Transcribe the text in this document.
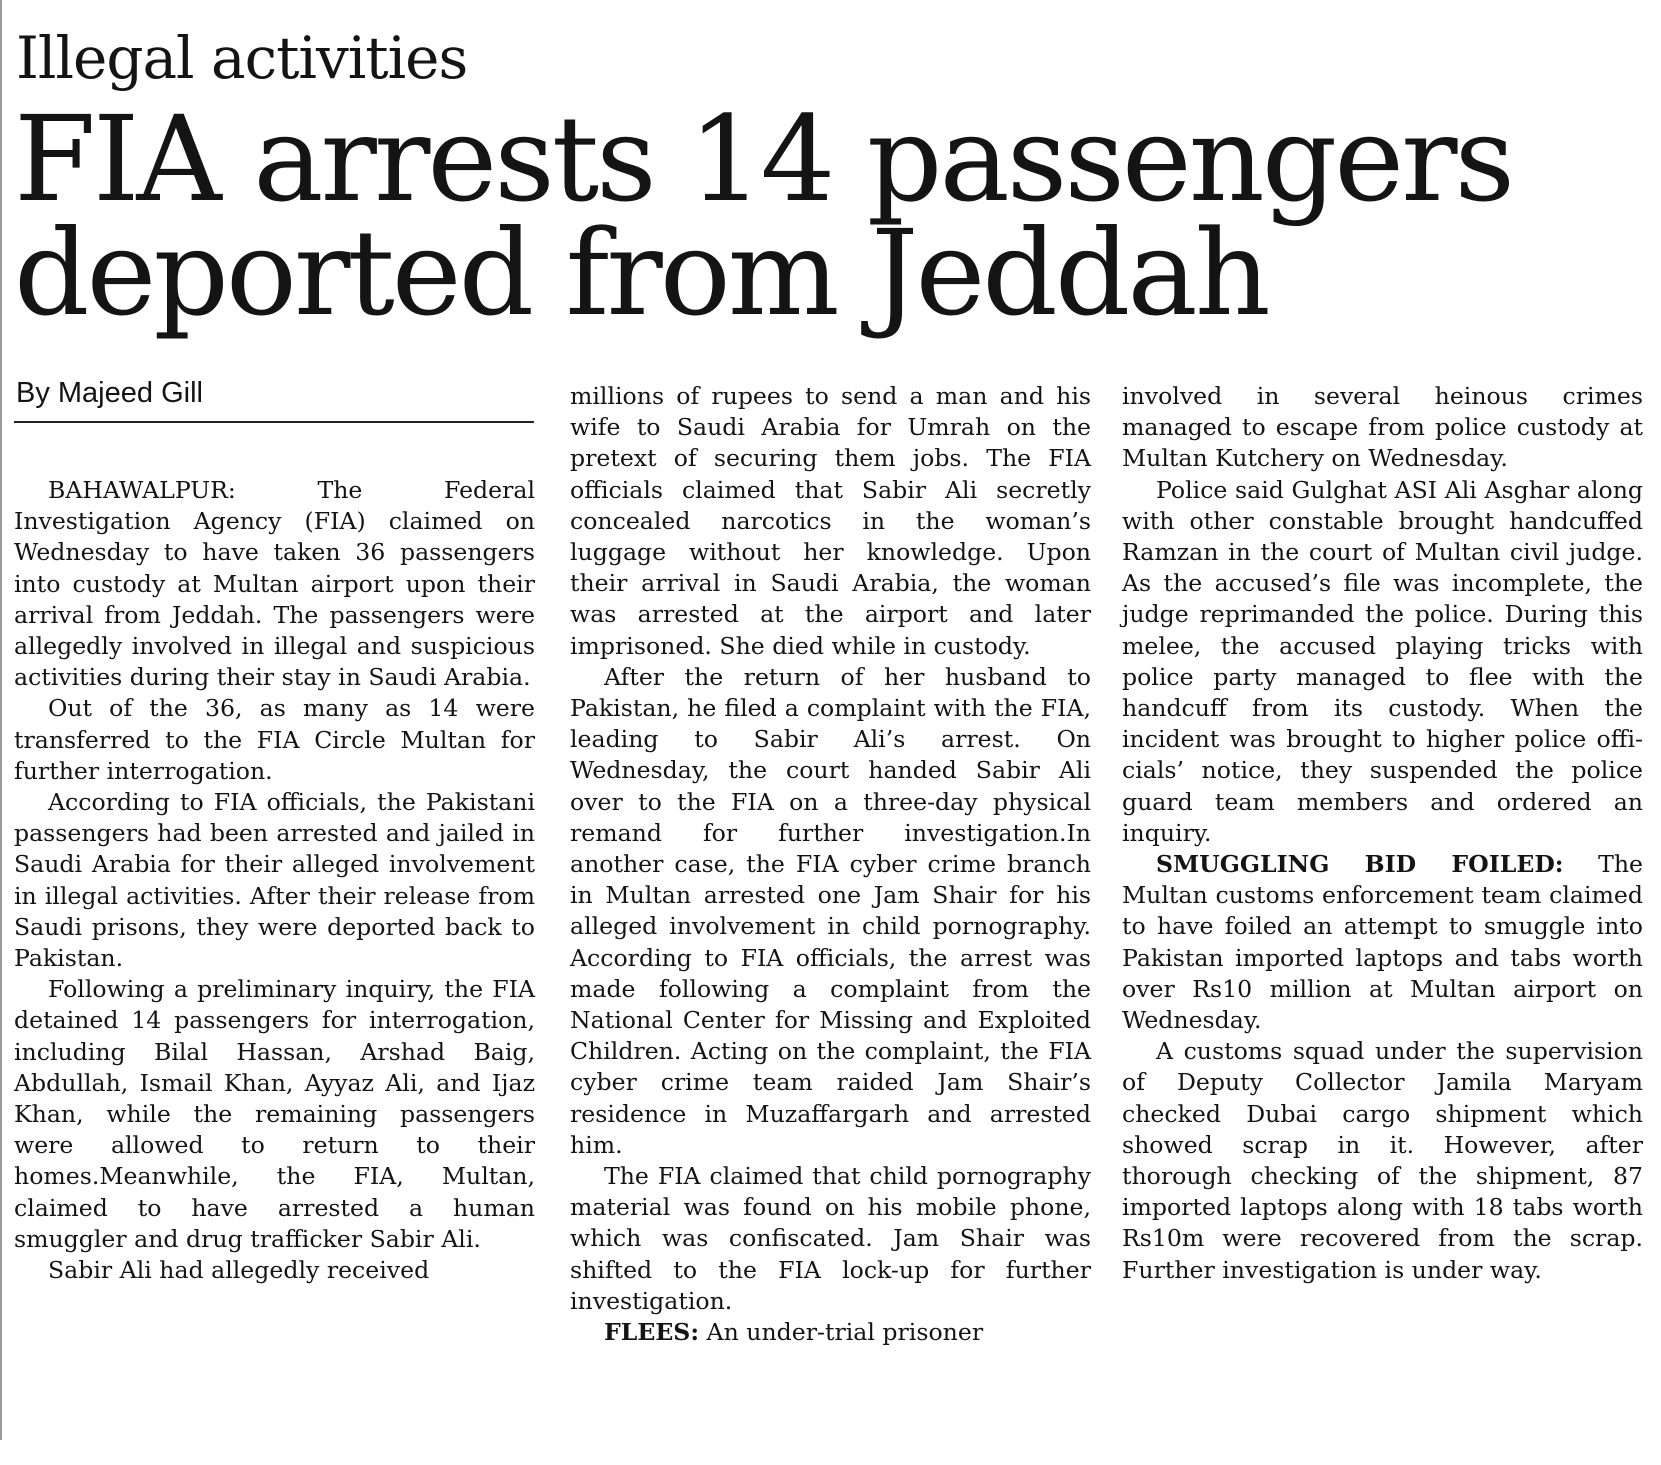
Illegal activities
FIA arrests 14 passengers
deported from Jeddah
By Majeed Gill

BAHAWALPUR: The Federal Investigation Agency (FIA) claimed on Wednesday to have taken 36 passengers into custody at Multan airport upon their arrival from Jeddah. The passengers were allegedly involved in illegal and suspicious activities during their stay in Saudi Arabia.

Out of the 36, as many as 14 were transferred to the FIA Circle Multan for further interrogation.

According to FIA officials, the Pakistani passengers had been arrested and jailed in Saudi Arabia for their alleged involvement in illegal activities. After their release from Saudi prisons, they were deported back to Pakistan.

Following a preliminary inquiry, the FIA detained 14 passengers for interrogation, including Bilal Hassan, Arshad Baig, Abdullah, Ismail Khan, Ayyaz Ali, and Ijaz Khan, while the remaining passengers were allowed to return to their homes.Meanwhile, the FIA, Multan, claimed to have arrested a human smuggler and drug trafficker Sabir Ali.

Sabir Ali had allegedly received

millions of rupees to send a man and his wife to Saudi Arabia for Umrah on the pretext of securing them jobs. The FIA officials claimed that Sabir Ali secretly concealed narcotics in the woman’s luggage without her knowledge. Upon their arrival in Saudi Arabia, the woman was arrested at the airport and later imprisoned. She died while in custody.

After the return of her husband to Pakistan, he filed a complaint with the FIA, leading to Sabir Ali’s arrest. On Wednesday, the court handed Sabir Ali over to the FIA on a three-day physical remand for further investigation.In another case, the FIA cyber crime branch in Multan arrested one Jam Shair for his alleged involvement in child pornography. According to FIA officials, the arrest was made following a complaint from the National Center for Missing and Exploited Children. Acting on the complaint, the FIA cyber crime team raided Jam Shair’s residence in Muzaffargarh and arrested him.

The FIA claimed that child pornography material was found on his mobile phone, which was confiscated. Jam Shair was shifted to the FIA lock-up for further investigation.

FLEES: An under-trial prisoner

involved in several heinous crimes managed to escape from police custody at Multan Kutchery on Wednesday.

Police said Gulghat ASI Ali Asghar along with other constable brought handcuffed Ramzan in the court of Multan civil judge. As the accused’s file was incomplete, the judge reprimanded the police. During this melee, the accused playing tricks with police party managed to flee with the handcuff from its custody. When the incident was brought to higher police officials’ notice, they suspended the police guard team members and ordered an inquiry.

SMUGGLING BID FOILED: The Multan customs enforcement team claimed to have foiled an attempt to smuggle into Pakistan imported laptops and tabs worth over Rs10 million at Multan airport on Wednesday.

A customs squad under the supervision of Deputy Collector Jamila Maryam checked Dubai cargo shipment which showed scrap in it. However, after thorough checking of the shipment, 87 imported laptops along with 18 tabs worth Rs10m were recovered from the scrap. Further investigation is under way.
